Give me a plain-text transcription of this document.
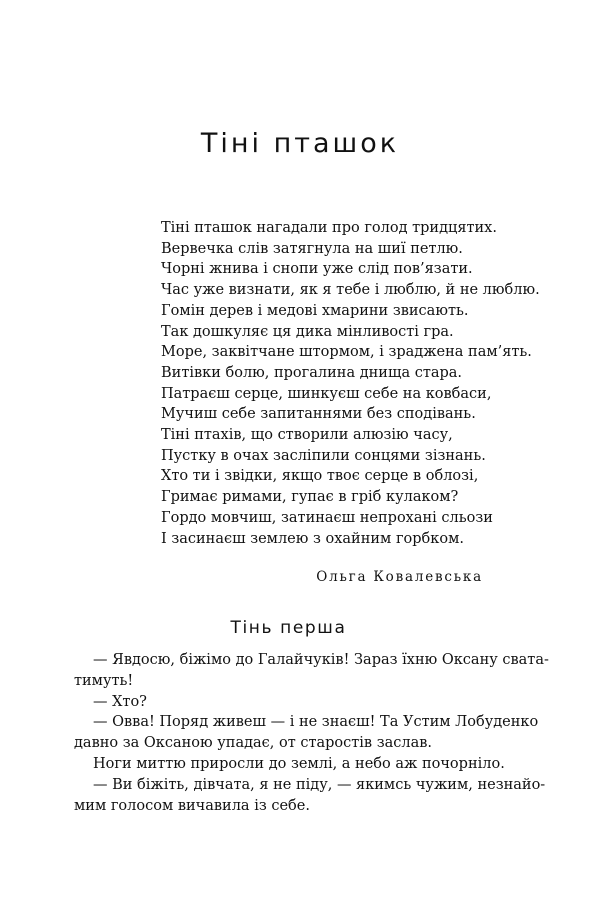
Тіні пташок
Тіні пташок нагадали про голод тридцятих.
Вервечка слів затягнула на шиї петлю.
Чорні жнива і снопи уже слід пов’язати.
Час уже визнати, як я тебе і люблю, й не люблю.
Гомін дерев і медові хмарини звисають.
Так дошкуляє ця дика мінливості гра.
Море, заквітчане штормом, і зраджена пам’ять.
Витівки болю, прогалина днища стара.
Патраєш серце, шинкуєш себе на ковбаси,
Мучиш себе запитаннями без сподівань.
Тіні птахів, що створили алюзію часу,
Пустку в очах засліпили сонцями зізнань.
Хто ти і звідки, якщо твоє серце в облозі,
Гримає римами, гупає в гріб кулаком?
Гордо мовчиш, затинаєш непрохані сльози
І засинаєш землею з охайним горбком.
Ольга Ковалевська
Тінь перша
— Явдосю, біжімо до Галайчуків! Зараз їхню Оксану свата-
тимуть!
— Хто?
— Овва! Поряд живеш — і не знаєш! Та Устим Лобуденко
давно за Оксаною упадає, от старостів заслав.
Ноги миттю приросли до землі, а небо аж почорніло.
— Ви біжіть, дівчата, я не піду, — якимсь чужим, незнайо-
мим голосом вичавила із себе.
